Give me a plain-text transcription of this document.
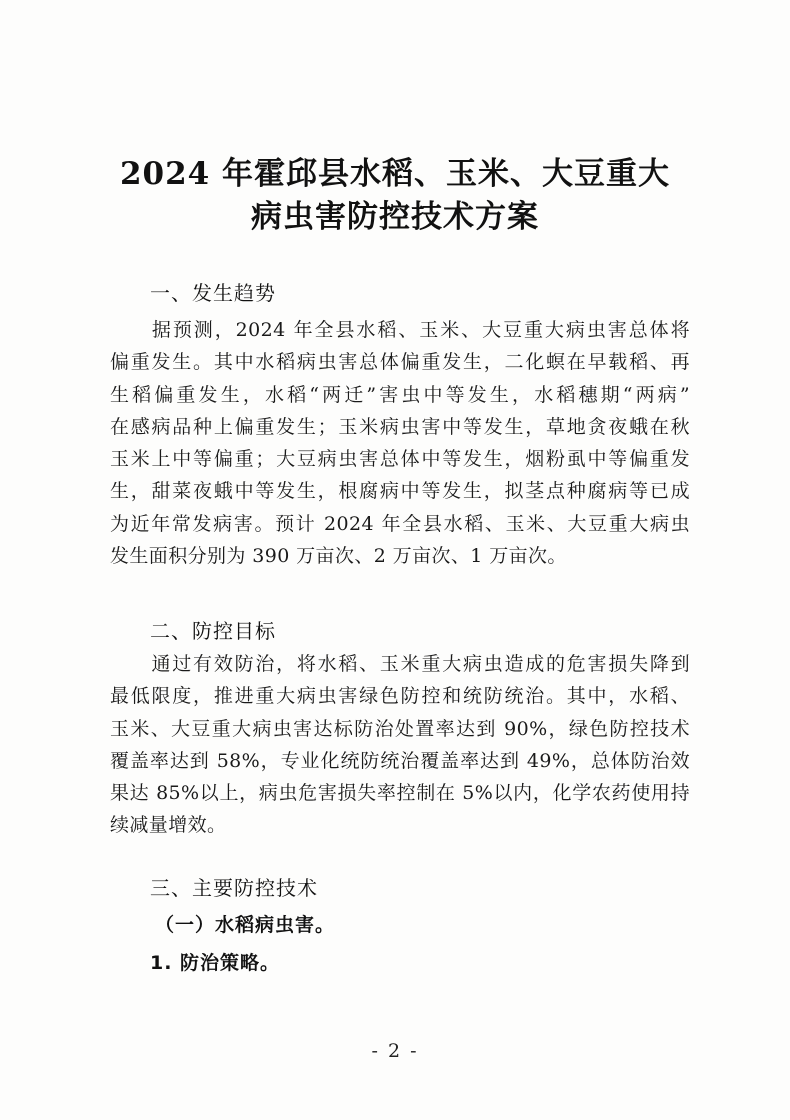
2024 年霍邱县水稻、玉米、大豆重大
病虫害防控技术方案
一、发生趋势
　　据预测，2024 年全县水稻、玉米、大豆重大病虫害总体将
偏重发生。其中水稻病虫害总体偏重发生，二化螟在早载稻、再
生稻偏重发生，水稻“两迁”害虫中等发生，水稻穗期“两病”
在感病品种上偏重发生；玉米病虫害中等发生，草地贪夜蛾在秋
玉米上中等偏重；大豆病虫害总体中等发生，烟粉虱中等偏重发
生，甜菜夜蛾中等发生，根腐病中等发生，拟茎点种腐病等已成
为近年常发病害。预计 2024 年全县水稻、玉米、大豆重大病虫
发生面积分别为 390 万亩次、2 万亩次、1 万亩次。
二、防控目标
　　通过有效防治，将水稻、玉米重大病虫造成的危害损失降到
最低限度，推进重大病虫害绿色防控和统防统治。其中，水稻、
玉米、大豆重大病虫害达标防治处置率达到 90%，绿色防控技术
覆盖率达到 58%，专业化统防统治覆盖率达到 49%，总体防治效
果达 85%以上，病虫危害损失率控制在 5%以内，化学农药使用持
续减量增效。
三、主要防控技术
（一）水稻病虫害。
1. 防治策略。
- 2 -
